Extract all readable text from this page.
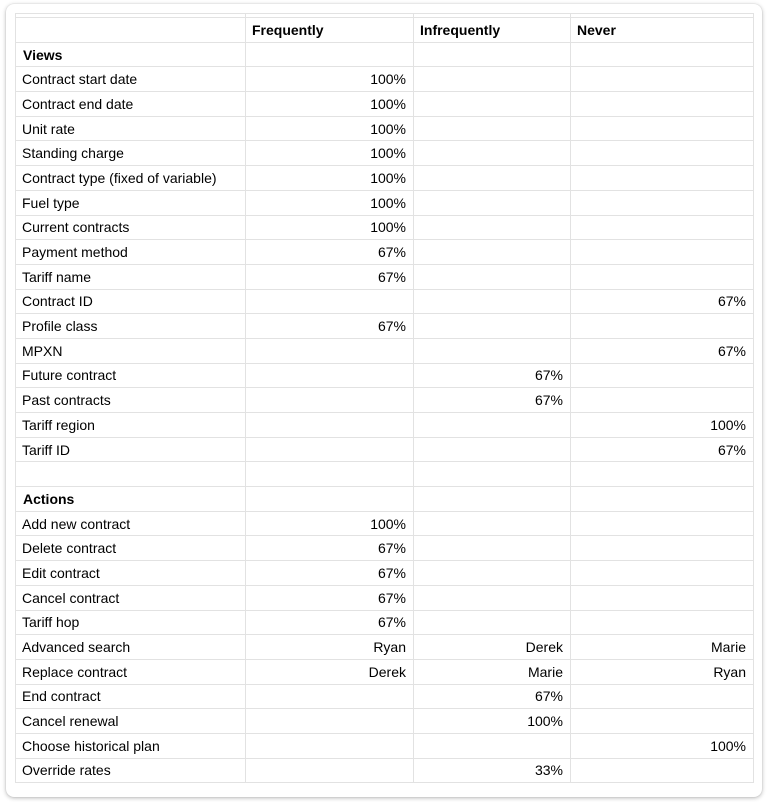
	Frequently	Infrequently	Never
Views			
Contract start date	100%		
Contract end date	100%		
Unit rate	100%		
Standing charge	100%		
Contract type (fixed of variable)	100%		
Fuel type	100%		
Current contracts	100%		
Payment method	67%		
Tariff name	67%		
Contract ID			67%
Profile class	67%		
MPXN			67%
Future contract		67%	
Past contracts		67%	
Tariff region			100%
Tariff ID			67%

Actions			
Add new contract	100%		
Delete contract	67%		
Edit contract	67%		
Cancel contract	67%		
Tariff hop	67%		
Advanced search	Ryan	Derek	Marie
Replace contract	Derek	Marie	Ryan
End contract		67%	
Cancel renewal		100%	
Choose historical plan			100%
Override rates		33%	
